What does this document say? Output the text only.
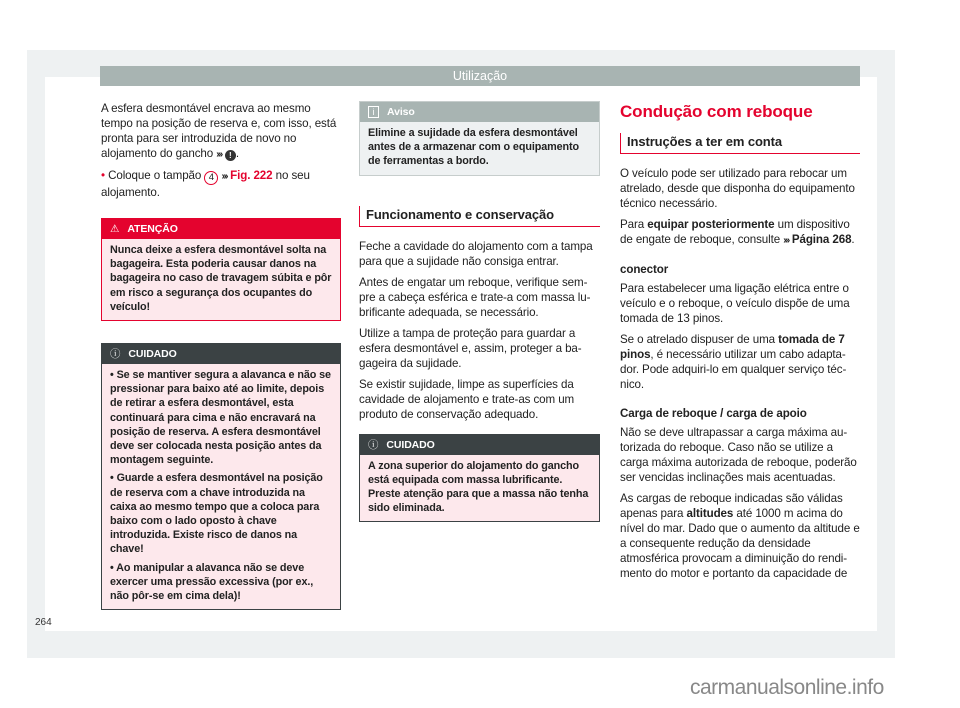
Utilização

A esfera desmontável encrava ao mesmo tempo na posição de reserva e, com isso, está pronta para ser introduzida de novo no alojamento do gancho ››› ! .

• Coloque o tampão 4 ››› Fig. 222 no seu alojamento.

⚠ ATENÇÃO
Nunca deixe a esfera desmontável solta na bagageira. Esta poderia causar danos na bagageira no caso de travagem súbita e pôr em risco a segurança dos ocupantes do veículo!
ⓘ CUIDADO

• Se se mantiver segura a alavanca e não se pressionar para baixo até ao limite, depois de retirar a esfera desmontável, esta continuará para cima e não encravará na posição de reserva. A esfera desmontável deve ser colocada nesta posição antes da montagem seguinte.

• Guarde a esfera desmontável na posição de reserva com a chave introduzida na caixa ao mesmo tempo que a coloca para baixo com o lado oposto à chave introduzida. Existe risco de danos na chave!

• Ao manipular a alavanca não se deve exercer uma pressão excessiva (por ex., não pôr-se em cima dela)!

i Aviso
Elimine a sujidade da esfera desmontável antes de a armazenar com o equipamento de ferramentas a bordo.
Funcionamento e conservação

Feche a cavidade do alojamento com a tampa para que a sujidade não consiga entrar.

Antes de engatar um reboque, verifique sempre a cabeça esférica e trate-a com massa lubrificante adequada, se necessário.

Utilize a tampa de proteção para guardar a esfera desmontável e, assim, proteger a bagageira da sujidade.

Se existir sujidade, limpe as superfícies da cavidade de alojamento e trate-as com um produto de conservação adequado.

ⓘ CUIDADO
A zona superior do alojamento do gancho está equipada com massa lubrificante. Preste atenção para que a massa não tenha sido eliminada.
Condução com reboque
Instruções a ter em conta

O veículo pode ser utilizado para rebocar um atrelado, desde que disponha do equipamento técnico necessário.

Para equipar posteriormente um dispositivo de engate de reboque, consulte ››› Página 268.

conector

Para estabelecer uma ligação elétrica entre o veículo e o reboque, o veículo dispõe de uma tomada de 13 pinos.

Se o atrelado dispuser de uma tomada de 7 pinos, é necessário utilizar um cabo adaptador. Pode adquiri-lo em qualquer serviço técnico.

Carga de reboque / carga de apoio

Não se deve ultrapassar a carga máxima autorizada do reboque. Caso não se utilize a carga máxima autorizada de reboque, poderão ser vencidas inclinações mais acentuadas.

As cargas de reboque indicadas são válidas apenas para altitudes até 1000 m acima do nível do mar. Dado que o aumento da altitude e a consequente redução da densidade atmosférica provocam a diminuição do rendimento do motor e portanto da capacidade de

264
carmanualsonline.info
